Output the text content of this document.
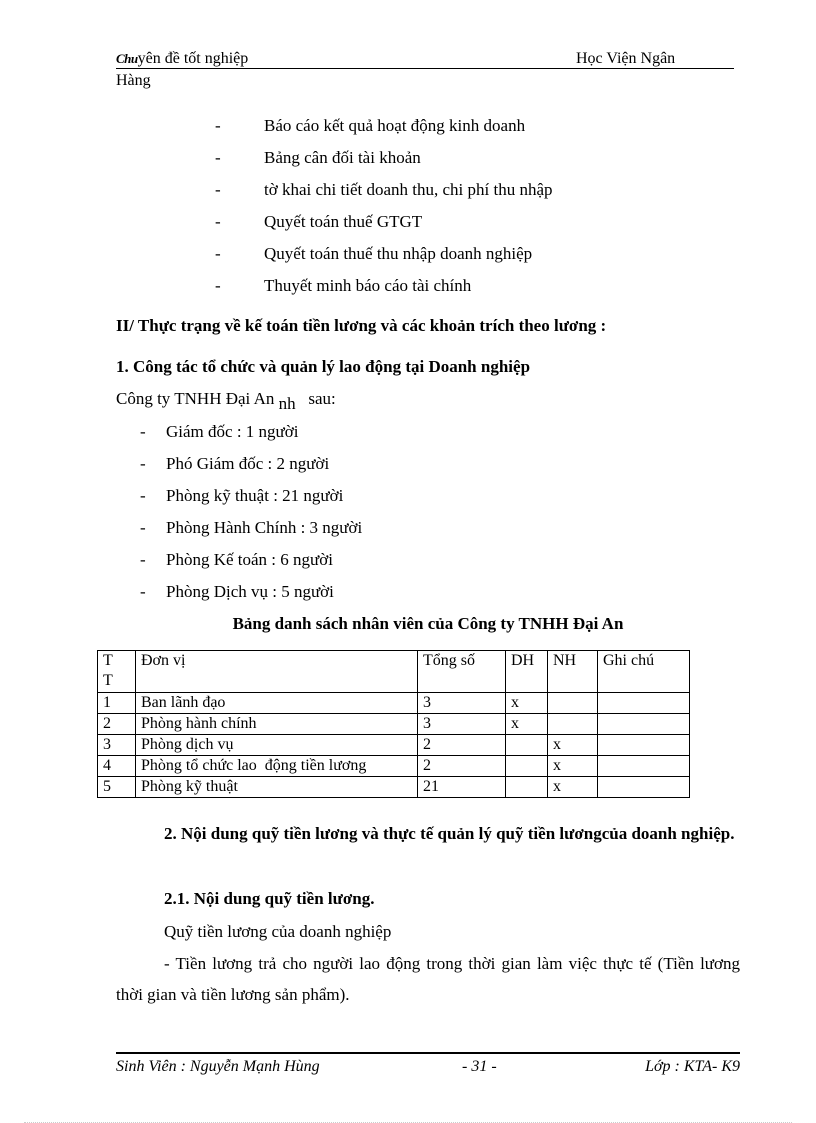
Chuyên đề tốt nghiệp	Học Viện Ngân
Hàng
-	Báo cáo kết quả hoạt động kinh doanh
-	Bảng cân đối tài khoản
-	tờ khai chi tiết doanh thu, chi phí thu nhập
-	Quyết toán thuế GTGT
-	Quyết toán thuế thu nhập doanh nghiệp
-	Thuyết minh báo cáo tài chính
II/ Thực trạng về kế toán tiền lương và các khoản trích theo lương :
1. Công tác tổ chức và quản lý lao động tại Doanh nghiệp
Công ty TNHH Đại An nh sau:
- Giám đốc : 1 người
- Phó Giám đốc : 2 người
- Phòng kỹ thuật : 21 người
- Phòng Hành Chính : 3 người
- Phòng Kế toán : 6 người
- Phòng Dịch vụ : 5 người
Bảng danh sách nhân viên của Công ty TNHH Đại An
T
T	Đơn vị	Tổng số	DH	NH	Ghi chú
1	Ban lãnh đạo	3	x		
2	Phòng hành chính	3	x		
3	Phòng dịch vụ	2		x	
4	Phòng tổ chức lao  động tiền lương	2		x	
5	Phòng kỹ thuật	21		x	
2. Nội dung quỹ tiền lương và thực tế quản lý quỹ tiền lươngcủa doanh nghiệp.
2.1. Nội dung quỹ tiền lương.
Quỹ tiền lương của doanh nghiệp
- Tiền lương trả cho người lao động trong thời gian làm việc thực tế (Tiền lương thời gian và tiền lương sản phẩm).
Sinh Viên : Nguyễn Mạnh Hùng	- 31 -	Lớp : KTA- K9
